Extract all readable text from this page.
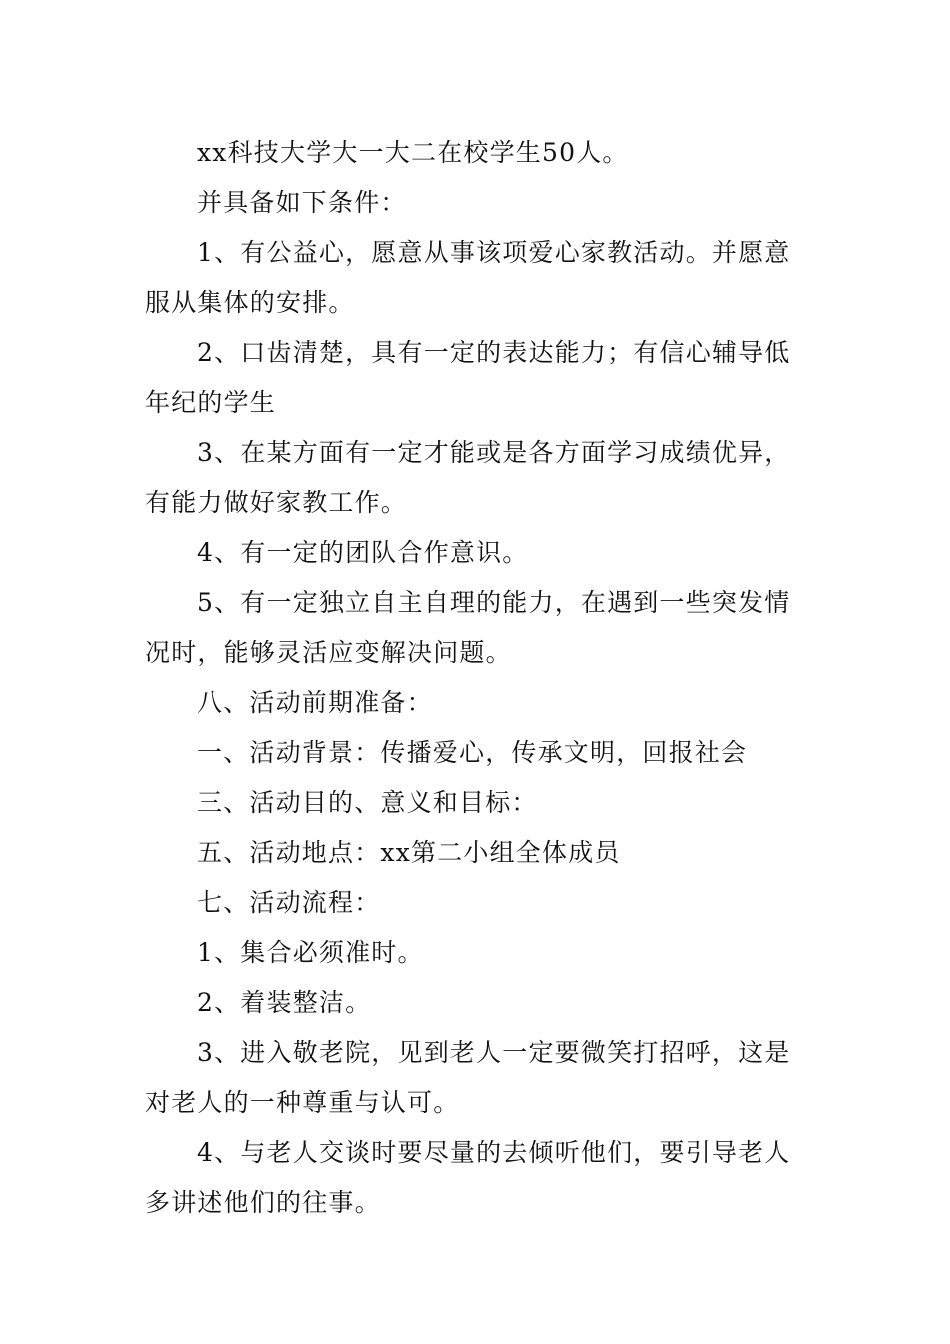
xx科技大学大一大二在校学生50人。

并具备如下条件：

1、有公益心，愿意从事该项爱心家教活动。并愿意服从集体的安排。

2、口齿清楚，具有一定的表达能力；有信心辅导低年纪的学生

3、在某方面有一定才能或是各方面学习成绩优异，有能力做好家教工作。

4、有一定的团队合作意识。

5、有一定独立自主自理的能力，在遇到一些突发情况时，能够灵活应变解决问题。

八、活动前期准备：

一、活动背景：传播爱心，传承文明，回报社会

三、活动目的、意义和目标：

五、活动地点：xx第二小组全体成员

七、活动流程：

1、集合必须准时。

2、着装整洁。

3、进入敬老院，见到老人一定要微笑打招呼，这是对老人的一种尊重与认可。

4、与老人交谈时要尽量的去倾听他们，要引导老人多讲述他们的往事。
